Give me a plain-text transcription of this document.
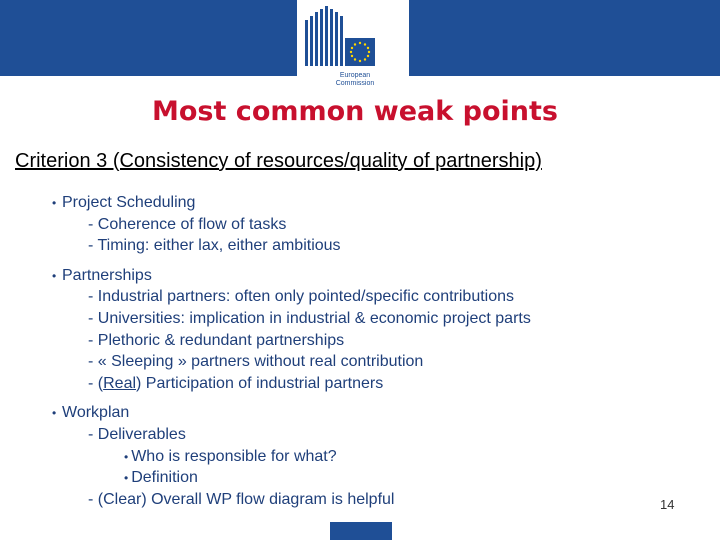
European Commission
Most common weak points
Criterion 3 (Consistency of resources/quality of partnership)
• Project Scheduling
- Coherence of flow of tasks
- Timing: either lax, either ambitious
• Partnerships
- Industrial partners: often only pointed/specific contributions
- Universities: implication in industrial & economic project parts
- Plethoric & redundant partnerships
- « Sleeping » partners without real contribution
- (Real) Participation of industrial partners
• Workplan
- Deliverables
• Who is responsible for what?
• Definition
- (Clear) Overall WP flow diagram is helpful	14
